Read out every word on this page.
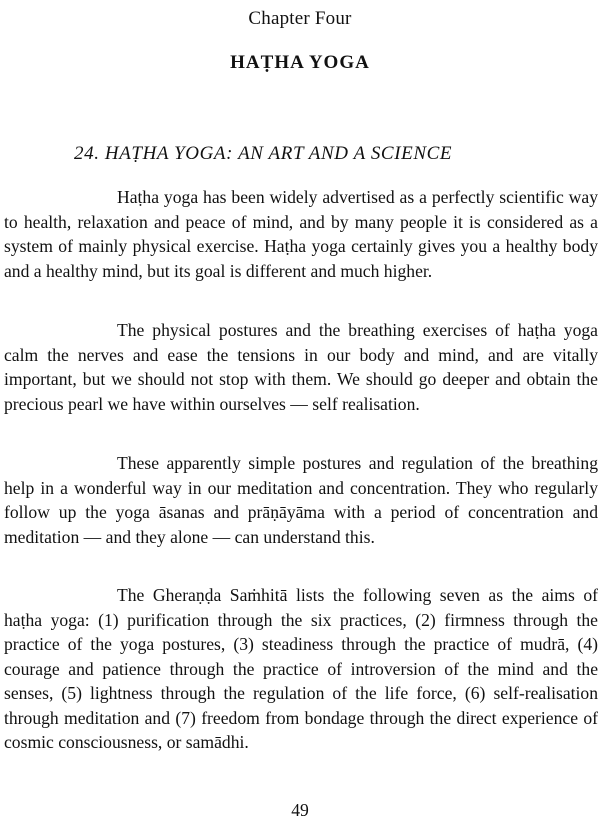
Chapter Four
HAṬHA YOGA
24. HAṬHA YOGA: AN ART AND A SCIENCE

Haṭha yoga has been widely advertised as a perfectly scientific way to health, relaxation and peace of mind, and by many people it is considered as a system of mainly physical exercise. Haṭha yoga certainly gives you a healthy body and a healthy mind, but its goal is different and much higher.

The physical postures and the breathing exercises of haṭha yoga calm the nerves and ease the tensions in our body and mind, and are vitally important, but we should not stop with them. We should go deeper and obtain the precious pearl we have within ourselves — self realisation.

These apparently simple postures and regulation of the breathing help in a wonderful way in our meditation and concentration. They who regularly follow up the yoga āsanas and prāṇāyāma with a period of concentration and meditation — and they alone — can understand this.

The Gheraṇḍa Saṁhitā lists the following seven as the aims of haṭha yoga: (1) purification through the six practices, (2) firmness through the practice of the yoga postures, (3) steadiness through the practice of mudrā, (4) courage and patience through the practice of introversion of the mind and the senses, (5) lightness through the regulation of the life force, (6) self-realisation through meditation and (7) freedom from bondage through the direct experience of cosmic consciousness, or samādhi.

49
